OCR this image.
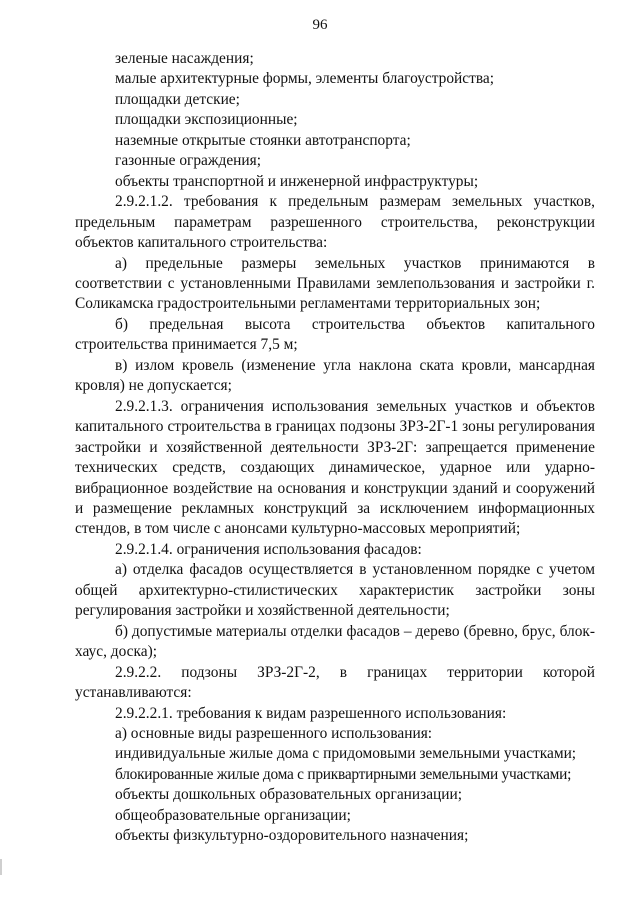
96

зеленые насаждения;

малые архитектурные формы, элементы благоустройства;

площадки детские;

площадки экспозиционные;

наземные открытые стоянки автотранспорта;

газонные ограждения;

объекты транспортной и инженерной инфраструктуры;

2.9.2.1.2. требования к предельным размерам земельных участков, предельным параметрам разрешенного строительства, реконструкции объектов капитального строительства:

а) предельные размеры земельных участков принимаются в соответствии с установленными Правилами землепользования и застройки г. Соликамска градостроительными регламентами территориальных зон;

б) предельная высота строительства объектов капитального строительства принимается 7,5 м;

в) излом кровель (изменение угла наклона ската кровли, мансардная кровля) не допускается;

2.9.2.1.3. ограничения использования земельных участков и объектов капитального строительства в границах подзоны ЗРЗ-2Г-1 зоны регулирования застройки и хозяйственной деятельности ЗРЗ-2Г: запрещается применение технических средств, создающих динамическое, ударное или ударно-вибрационное воздействие на основания и конструкции зданий и сооружений и размещение рекламных конструкций за исключением информационных стендов, в том числе с анонсами культурно-массовых мероприятий;

2.9.2.1.4. ограничения использования фасадов:

а) отделка фасадов осуществляется в установленном порядке с учетом общей архитектурно-стилистических характеристик застройки зоны регулирования застройки и хозяйственной деятельности;

б) допустимые материалы отделки фасадов – дерево (бревно, брус, блок-хаус, доска);

2.9.2.2. подзоны ЗРЗ-2Г-2, в границах территории которой устанавливаются:

2.9.2.2.1. требования к видам разрешенного использования:

а) основные виды разрешенного использования:

индивидуальные жилые дома с придомовыми земельными участками;

блокированные жилые дома с приквартирными земельными участками;

объекты дошкольных образовательных организации;

общеобразовательные организации;

объекты физкультурно-оздоровительного назначения;
